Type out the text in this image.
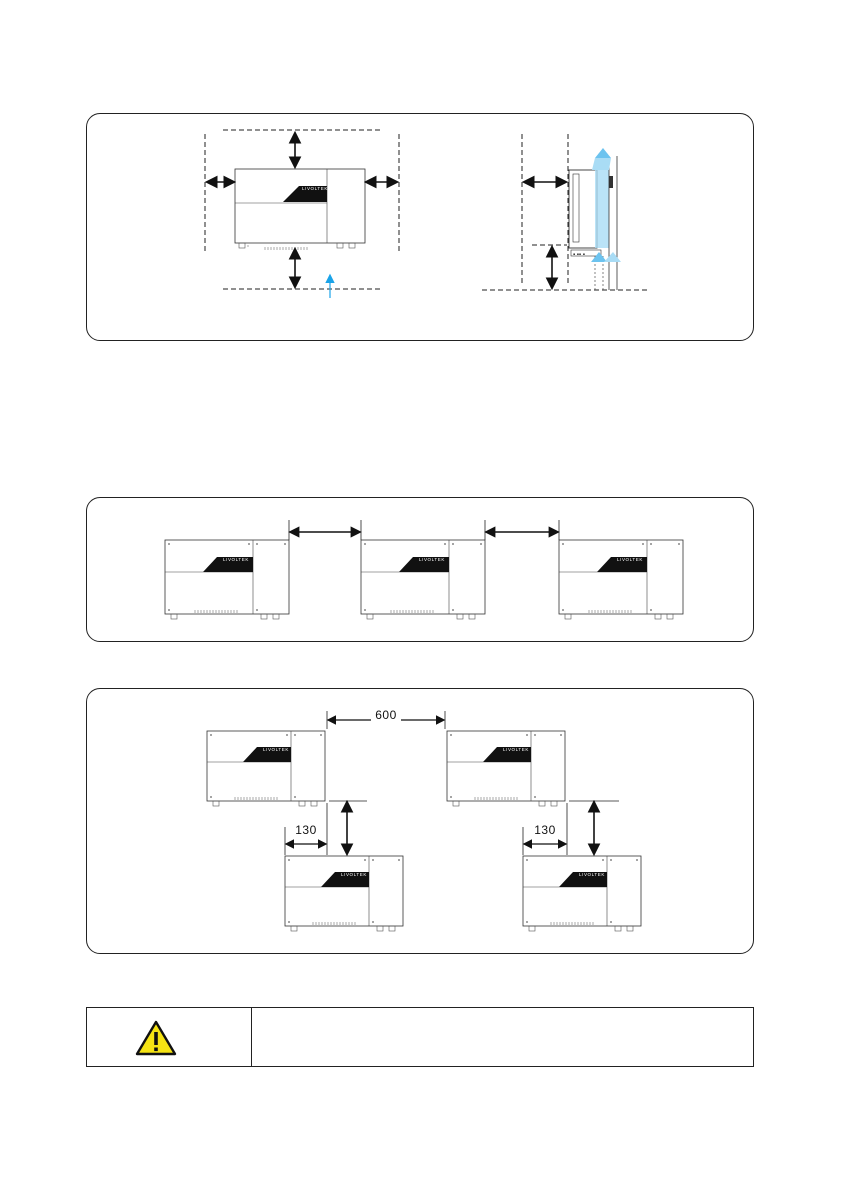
LIVOLTEK
▪ ▪▪ ▪
LIVOLTEK	LIVOLTEK	LIVOLTEK
LIVOLTEK	LIVOLTEK
LIVOLTEK	LIVOLTEK
600
130	130
